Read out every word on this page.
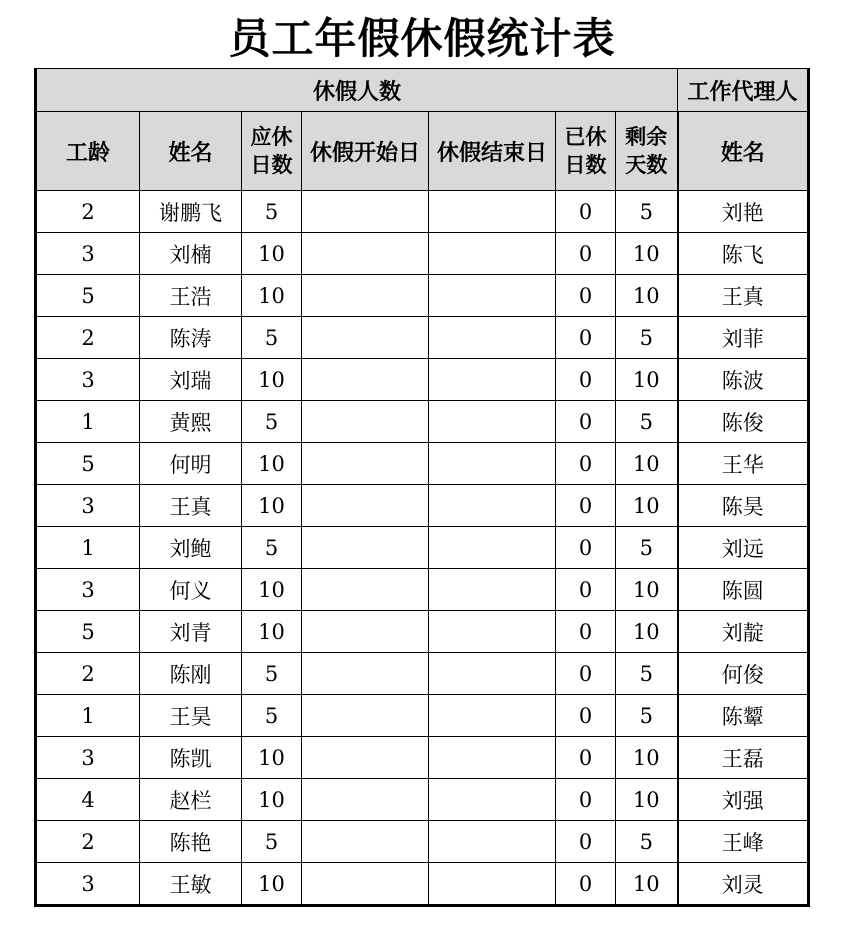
员工年假休假统计表
休假人数							工作代理人
工龄	姓名	应休日数	休假开始日	休假结束日	已休日数	剩余天数	姓名
2	谢鹏飞	5			0	5	刘艳
3	刘楠	10			0	10	陈飞
5	王浩	10			0	10	王真
2	陈涛	5			0	5	刘菲
3	刘瑞	10			0	10	陈波
1	黄熙	5			0	5	陈俊
5	何明	10			0	10	王华
3	王真	10			0	10	陈昊
1	刘鲍	5			0	5	刘远
3	何义	10			0	10	陈圆
5	刘青	10			0	10	刘靛
2	陈刚	5			0	5	何俊
1	王昊	5			0	5	陈颦
3	陈凯	10			0	10	王磊
4	赵栏	10			0	10	刘强
2	陈艳	5			0	5	王峰
3	王敏	10			0	10	刘灵
